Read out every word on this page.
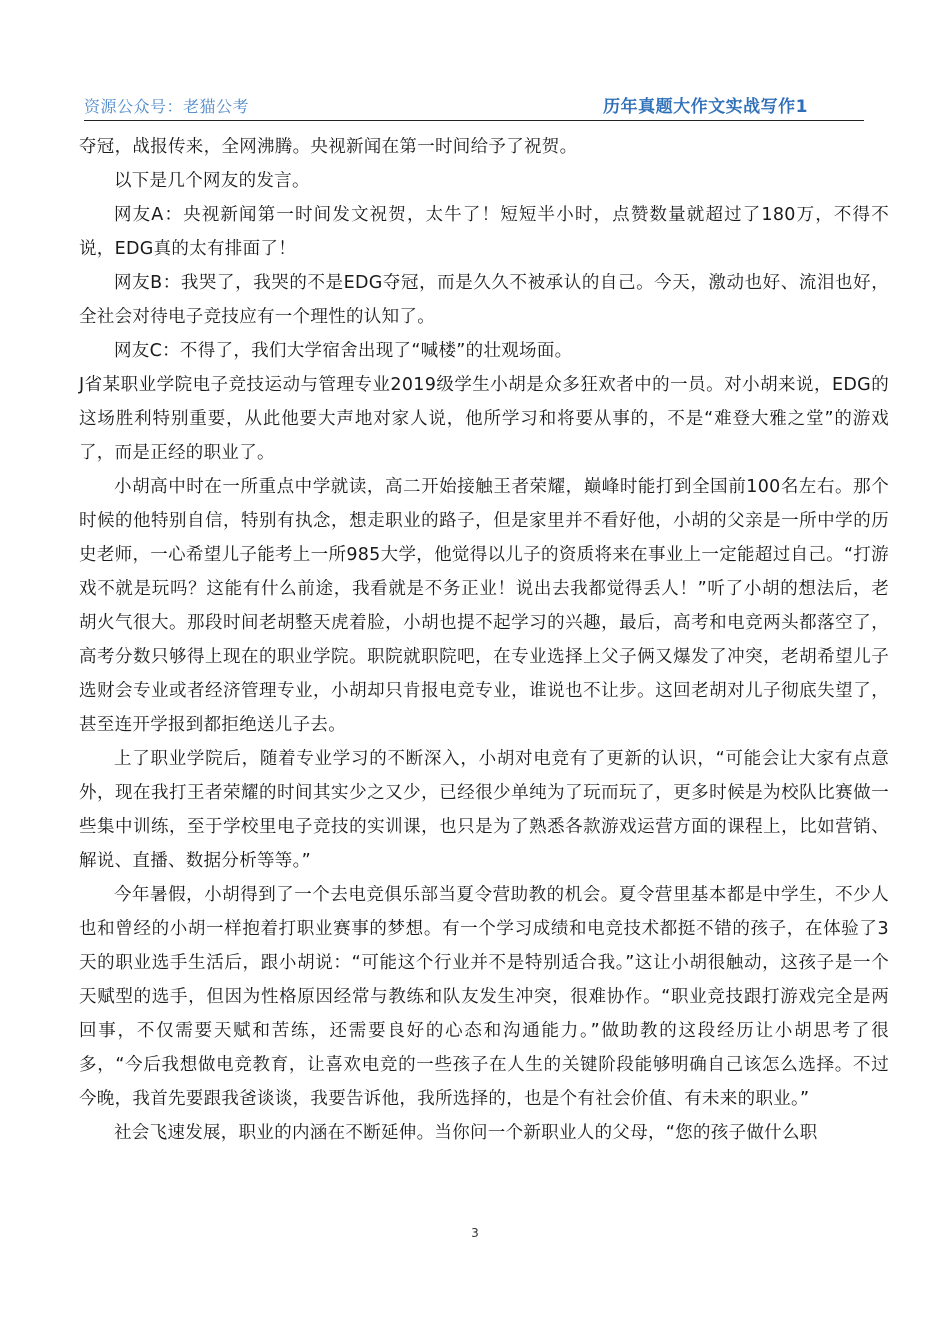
资源公众号：老猫公考	历年真题大作文实战写作1

夺冠，战报传来，全网沸腾。央视新闻在第一时间给予了祝贺。

以下是几个网友的发言。

网友A：央视新闻第一时间发文祝贺，太牛了！短短半小时，点赞数量就超过了180万，不得不说，EDG真的太有排面了！

网友B：我哭了，我哭的不是EDG夺冠，而是久久不被承认的自己。今天，激动也好、流泪也好，全社会对待电子竞技应有一个理性的认知了。

网友C：不得了，我们大学宿舍出现了“喊楼”的壮观场面。

J省某职业学院电子竞技运动与管理专业2019级学生小胡是众多狂欢者中的一员。对小胡来说，EDG的这场胜利特别重要，从此他要大声地对家人说，他所学习和将要从事的，不是“难登大雅之堂”的游戏了，而是正经的职业了。

小胡高中时在一所重点中学就读，高二开始接触王者荣耀，巅峰时能打到全国前100名左右。那个时候的他特别自信，特别有执念，想走职业的路子，但是家里并不看好他，小胡的父亲是一所中学的历史老师，一心希望儿子能考上一所985大学，他觉得以儿子的资质将来在事业上一定能超过自己。“打游戏不就是玩吗？这能有什么前途，我看就是不务正业！说出去我都觉得丢人！”听了小胡的想法后，老胡火气很大。那段时间老胡整天虎着脸，小胡也提不起学习的兴趣，最后，高考和电竞两头都落空了，高考分数只够得上现在的职业学院。职院就职院吧，在专业选择上父子俩又爆发了冲突，老胡希望儿子选财会专业或者经济管理专业，小胡却只肯报电竞专业，谁说也不让步。这回老胡对儿子彻底失望了，甚至连开学报到都拒绝送儿子去。

上了职业学院后，随着专业学习的不断深入，小胡对电竞有了更新的认识，“可能会让大家有点意外，现在我打王者荣耀的时间其实少之又少，已经很少单纯为了玩而玩了，更多时候是为校队比赛做一些集中训练，至于学校里电子竞技的实训课，也只是为了熟悉各款游戏运营方面的课程上，比如营销、解说、直播、数据分析等等。”

今年暑假，小胡得到了一个去电竞俱乐部当夏令营助教的机会。夏令营里基本都是中学生，不少人也和曾经的小胡一样抱着打职业赛事的梦想。有一个学习成绩和电竞技术都挺不错的孩子，在体验了3天的职业选手生活后，跟小胡说：“可能这个行业并不是特别适合我。”这让小胡很触动，这孩子是一个天赋型的选手，但因为性格原因经常与教练和队友发生冲突，很难协作。“职业竞技跟打游戏完全是两回事，不仅需要天赋和苦练，还需要良好的心态和沟通能力。”做助教的这段经历让小胡思考了很多，“今后我想做电竞教育，让喜欢电竞的一些孩子在人生的关键阶段能够明确自己该怎么选择。不过今晚，我首先要跟我爸谈谈，我要告诉他，我所选择的，也是个有社会价值、有未来的职业。”

社会飞速发展，职业的内涵在不断延伸。当你问一个新职业人的父母，“您的孩子做什么职

3
